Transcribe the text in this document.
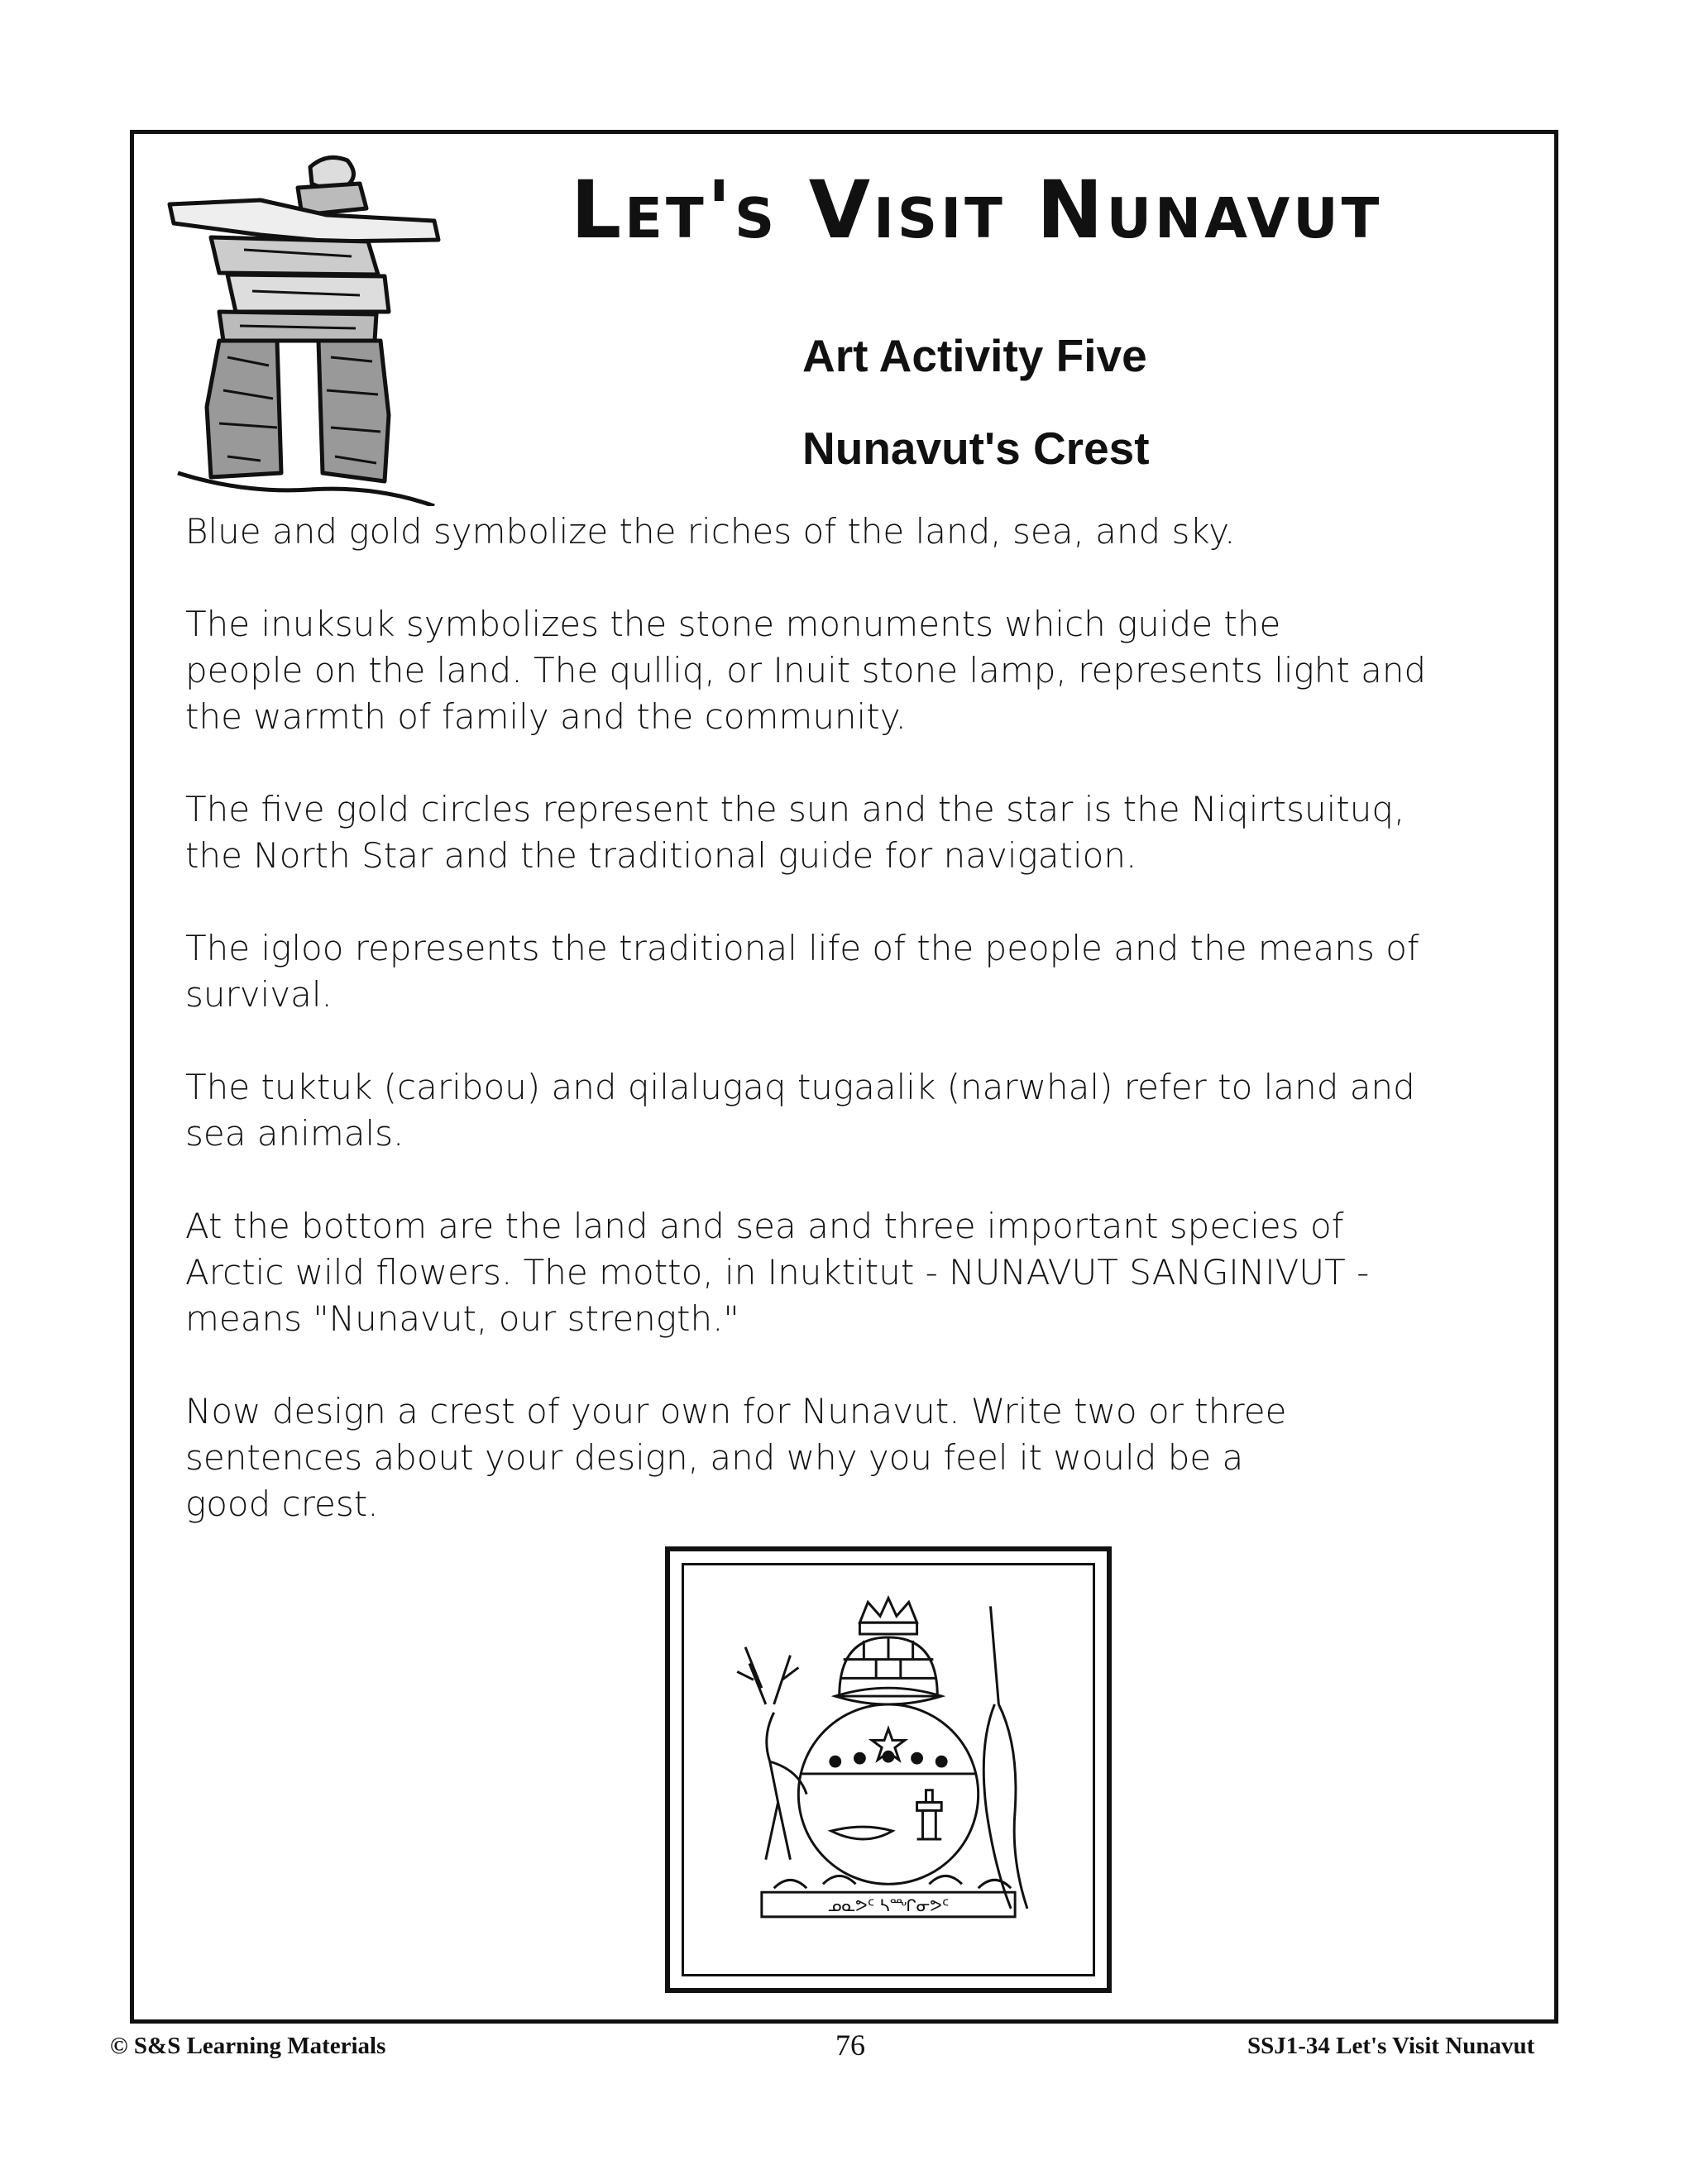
Let's Visit Nunavut
Art Activity Five
Nunavut's Crest

Blue and gold symbolize the riches of the land, sea, and sky.

The inuksuk symbolizes the stone monuments which guide the
people on the land. The qulliq, or Inuit stone lamp, represents light and
the warmth of family and the community.

The five gold circles represent the sun and the star is the Niqirtsuituq,
the North Star and the traditional guide for navigation.

The igloo represents the traditional life of the people and the means of
survival.

The tuktuk (caribou) and qilalugaq tugaalik (narwhal) refer to land and
sea animals.

At the bottom are the land and sea and three important species of
Arctic wild flowers. The motto, in Inuktitut - NUNAVUT SANGINIVUT -
means "Nunavut, our strength."

Now design a crest of your own for Nunavut. Write two or three
sentences about your design, and why you feel it would be a
good crest.

ᓄᓇᕗᑦ ᓴᙱᓂᕗᑦ
© S&S Learning Materials	76	SSJ1-34 Let's Visit Nunavut
